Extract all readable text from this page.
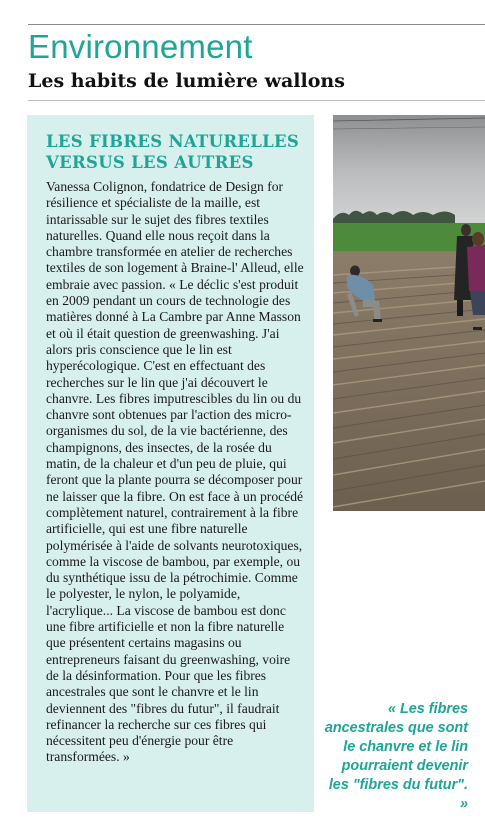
Environnement
Les habits de lumière wallons
LES FIBRES NATURELLES
VERSUS LES AUTRES

Vanessa Colignon, fondatrice de Design for résilience et spécialiste de la maille, est intarissable sur le sujet des fibres textiles naturelles. Quand elle nous reçoit dans la chambre transformée en atelier de recherches textiles de son logement à Braine-l' Alleud, elle embraie avec passion. « Le déclic s'est produit en 2009 pendant un cours de technologie des matières donné à La Cambre par Anne Masson et où il était question de greenwashing. J'ai alors pris conscience que le lin est hyperécologique. C'est en effectuant des recherches sur le lin que j'ai découvert le chanvre. Les fibres imputrescibles du lin ou du chanvre sont obtenues par l'action des micro-organismes du sol, de la vie bactérienne, des champignons, des insectes, de la rosée du matin, de la chaleur et d'un peu de pluie, qui feront que la plante pourra se décomposer pour ne laisser que la fibre. On est face à un procédé complètement naturel, contrairement à la fibre artificielle, qui est une fibre naturelle polymérisée à l'aide de solvants neurotoxiques, comme la viscose de bambou, par exemple, ou du synthétique issu de la pétrochimie. Comme le polyester, le nylon, le polyamide, l'acrylique... La viscose de bambou est donc une fibre artificielle et non la fibre naturelle que présentent certains magasins ou entrepreneurs faisant du greenwashing, voire de la désinformation. Pour que les fibres ancestrales que sont le chanvre et le lin deviennent des "fibres du futur", il faudrait refinancer la recherche sur ces fibres qui nécessitent peu d'énergie pour être transformées. »

« Les fibres ancestrales que sont le chanvre et le lin pourraient devenir les "fibres du futur". »
